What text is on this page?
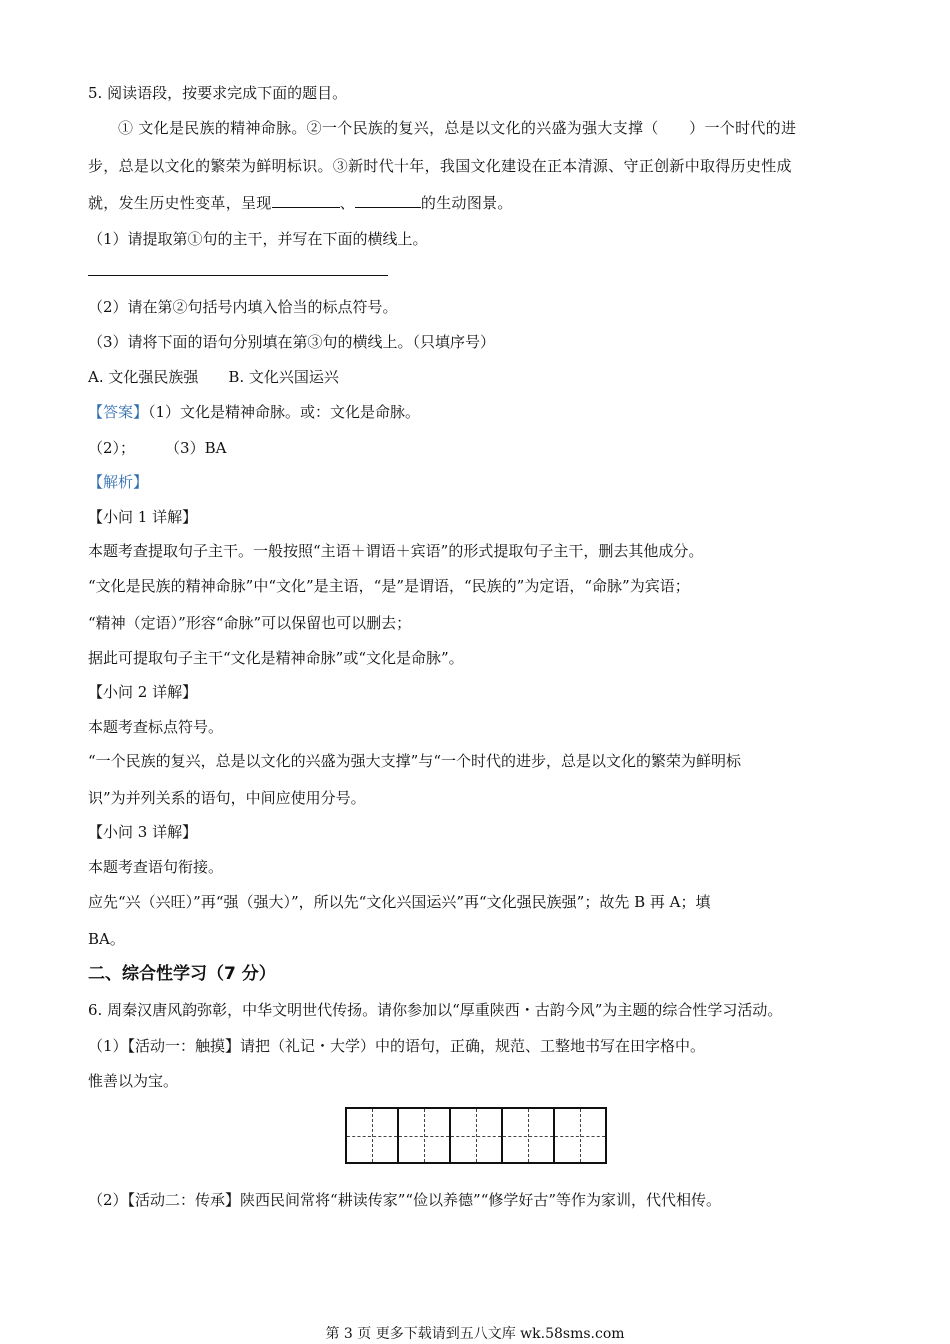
5. 阅读语段，按要求完成下面的题目。
① 文化是民族的精神命脉。②一个民族的复兴，总是以文化的兴盛为强大支撑（　　）一个时代的进
步，总是以文化的繁荣为鲜明标识。③新时代十年，我国文化建设在正本清源、守正创新中取得历史性成
就，发生历史性变革，呈现	、	的生动图景。
（1）请提取第①句的主干，并写在下面的横线上。
（2）请在第②句括号内填入恰当的标点符号。
（3）请将下面的语句分别填在第③句的横线上。（只填序号）
A. 文化强民族强　　B. 文化兴国运兴
【答案】（1）文化是精神命脉。或：文化是命脉。
（2）；　　　（3）BA
【解析】
【小问 1 详解】
本题考查提取句子主干。一般按照“主语＋谓语＋宾语”的形式提取句子主干，删去其他成分。
“文化是民族的精神命脉”中“文化”是主语，“是”是谓语，“民族的”为定语，“命脉”为宾语；
“精神（定语）”形容“命脉”可以保留也可以删去；
据此可提取句子主干“文化是精神命脉”或“文化是命脉”。
【小问 2 详解】
本题考查标点符号。
“一个民族的复兴，总是以文化的兴盛为强大支撑”与“一个时代的进步，总是以文化的繁荣为鲜明标
识”为并列关系的语句，中间应使用分号。
【小问 3 详解】
本题考查语句衔接。
应先“兴（兴旺）”再“强（强大）”，所以先“文化兴国运兴”再“文化强民族强”；故先 B 再 A；填
BA。
二、综合性学习（7 分）
6. 周秦汉唐风韵弥彰，中华文明世代传扬。请你参加以“厚重陕西・古韵今风”为主题的综合性学习活动。
（1）【活动一：触摸】请把（礼记・大学）中的语句，正确，规范、工整地书写在田字格中。
惟善以为宝。
（2）【活动二：传承】陕西民间常将“耕读传家”“俭以养德”“修学好古”等作为家训，代代相传。
第 3 页 更多下载请到五八文库 wk.58sms.com
